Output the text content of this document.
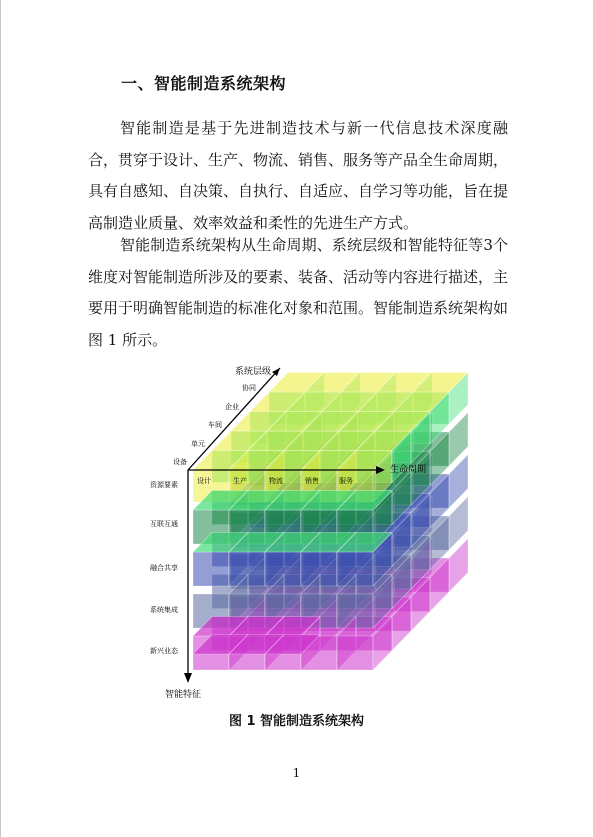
一、智能制造系统架构

智能制造是基于先进制造技术与新一代信息技术深度融合，贯穿于设计、生产、物流、销售、服务等产品全生命周期，具有自感知、自决策、自执行、自适应、自学习等功能，旨在提高制造业质量、效率效益和柔性的先进生产方式。

智能制造系统架构从生命周期、系统层级和智能特征等3个维度对智能制造所涉及的要素、装备、活动等内容进行描述，主要用于明确智能制造的标准化对象和范围。智能制造系统架构如图 1 所示。

系统层级
生命周期
智能特征
协同
企业
车间
单元
设备
设计	生产	物流	销售	服务
资源要素
互联互通
融合共享
系统集成
新兴业态
图 1 智能制造系统架构
1
